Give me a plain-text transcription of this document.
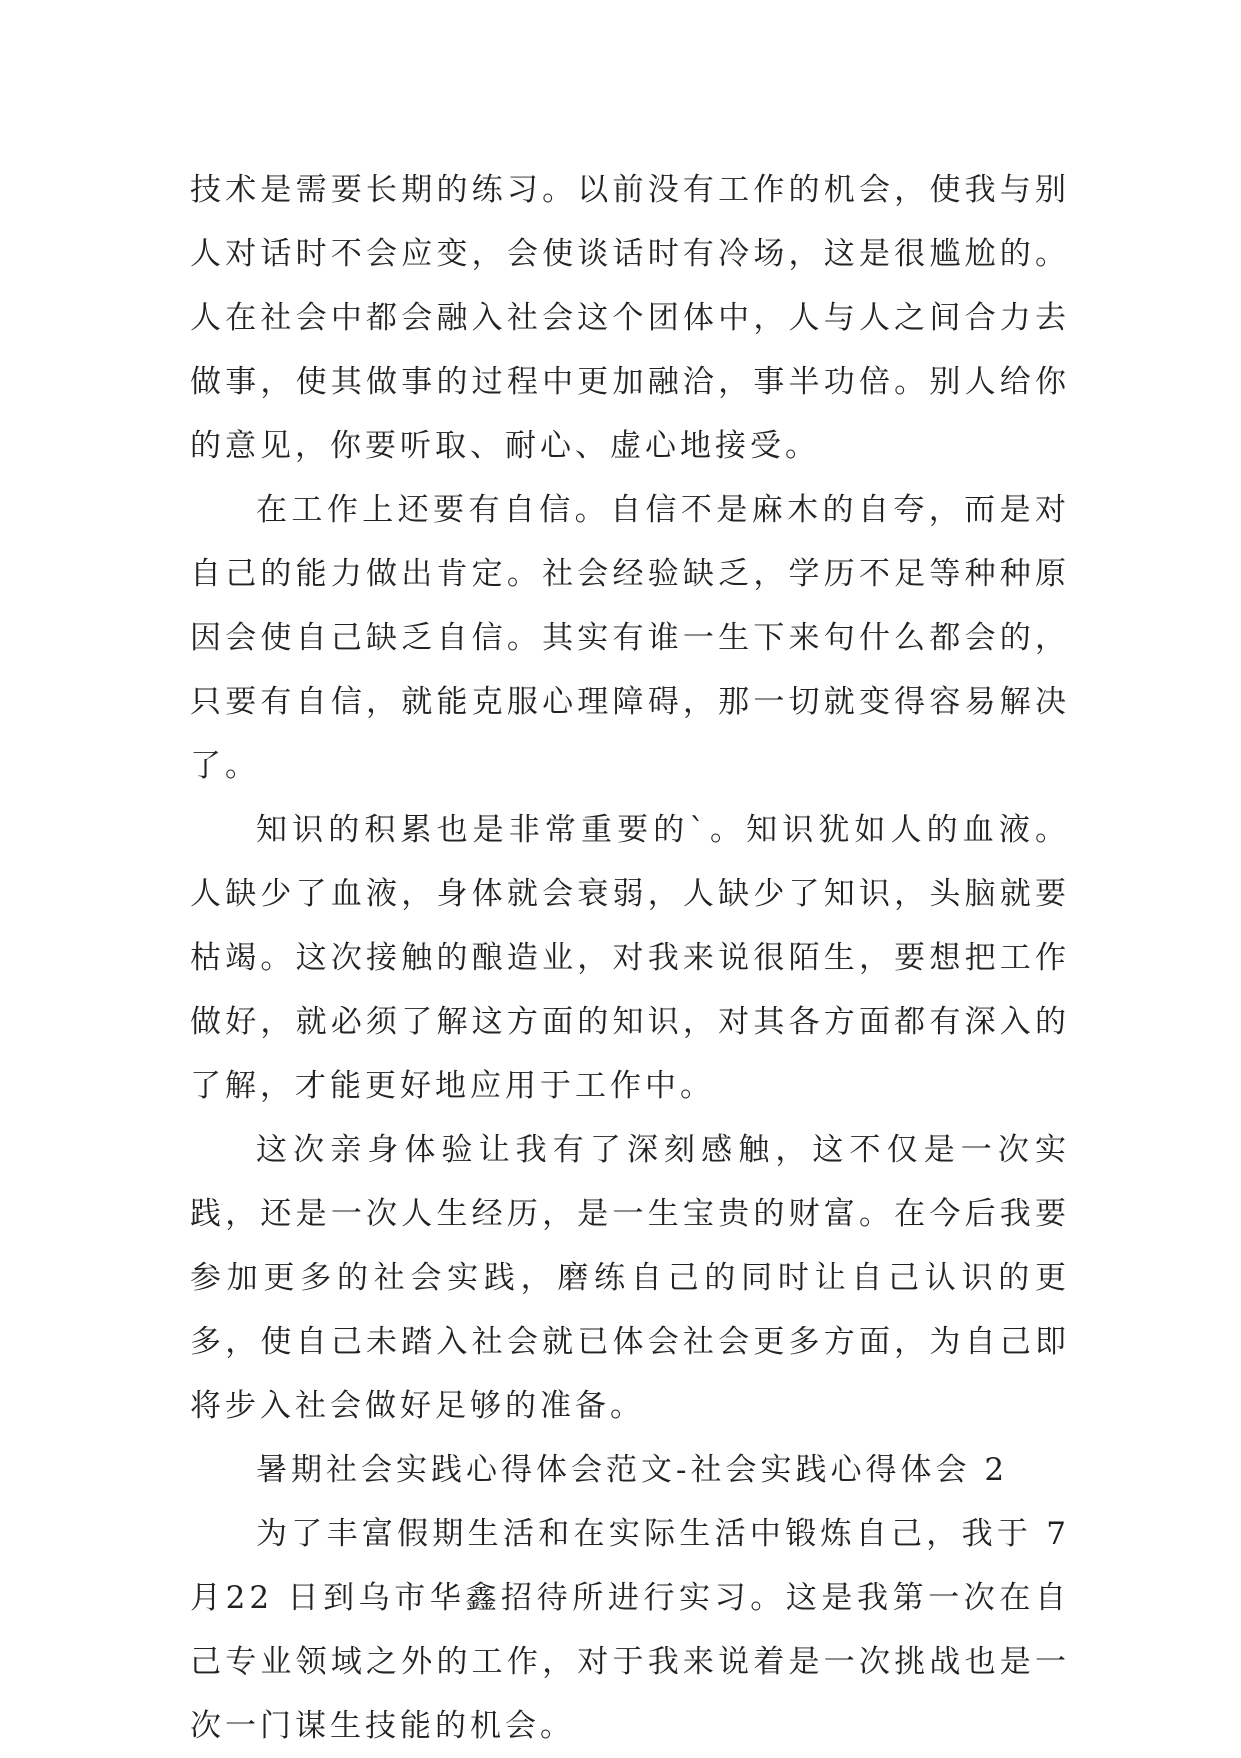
技术是需要长期的练习。以前没有工作的机会，使我与别人对话时不会应变，会使谈话时有冷场，这是很尴尬的。人在社会中都会融入社会这个团体中，人与人之间合力去做事，使其做事的过程中更加融洽，事半功倍。别人给你的意见，你要听取、耐心、虚心地接受。

在工作上还要有自信。自信不是麻木的自夸，而是对自己的能力做出肯定。社会经验缺乏，学历不足等种种原因会使自己缺乏自信。其实有谁一生下来句什么都会的，只要有自信，就能克服心理障碍，那一切就变得容易解决了。

知识的积累也是非常重要的`。知识犹如人的血液。人缺少了血液，身体就会衰弱，人缺少了知识，头脑就要枯竭。这次接触的酿造业，对我来说很陌生，要想把工作做好，就必须了解这方面的知识，对其各方面都有深入的了解，才能更好地应用于工作中。

这次亲身体验让我有了深刻感触，这不仅是一次实践，还是一次人生经历，是一生宝贵的财富。在今后我要参加更多的社会实践，磨练自己的同时让自己认识的更多，使自己未踏入社会就已体会社会更多方面，为自己即将步入社会做好足够的准备。

暑期社会实践心得体会范文-社会实践心得体会 2

为了丰富假期生活和在实际生活中锻炼自己，我于 7 月22 日到乌市华鑫招待所进行实习。这是我第一次在自己专业领域之外的工作，对于我来说着是一次挑战也是一次一门谋生技能的机会。
